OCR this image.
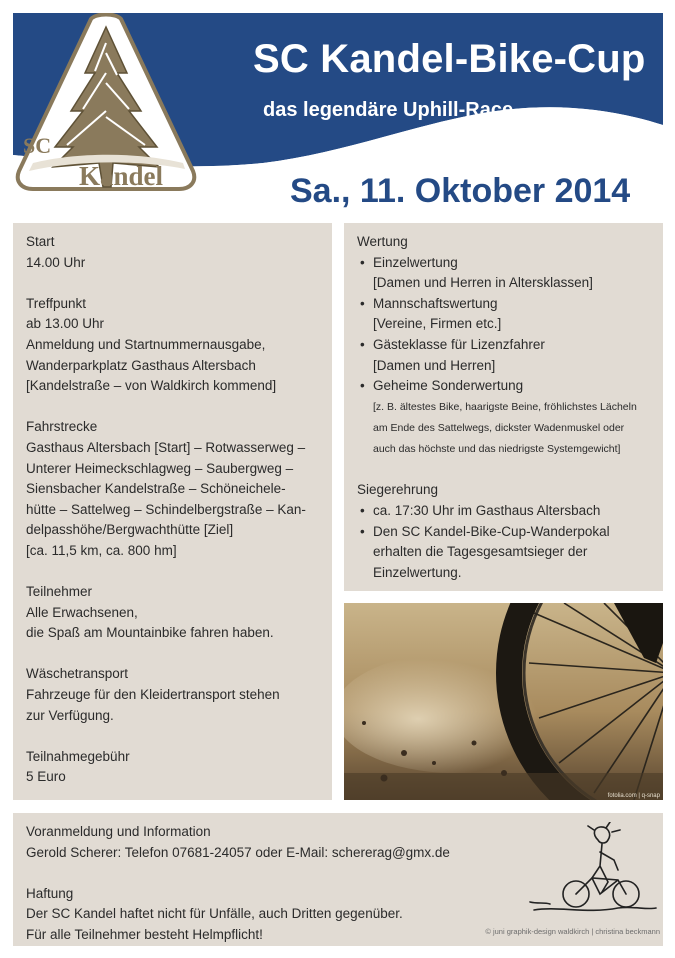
SC Kandel-Bike-Cup
das legendäre Uphill-Race
SC
Kandel	Sa., 11. Oktober 2014
Start
14.00 Uhr
Treffpunkt
ab 13.00 Uhr
Anmeldung und Startnummernausgabe,
Wanderparkplatz Gasthaus Altersbach
[Kandelstraße – von Waldkirch kommend]
Fahrstrecke
Gasthaus Altersbach [Start] – Rotwasserweg –
Unterer Heimeckschlagweg – Saubergweg –
Siensbacher Kandelstraße – Schöneichele-
hütte – Sattelweg – Schindelbergstraße – Kan-
delpasshöhe/Bergwachthütte [Ziel]
[ca. 11,5 km, ca. 800 hm]
Teilnehmer
Alle Erwachsenen,
die Spaß am Mountainbike fahren haben.
Wäschetransport
Fahrzeuge für den Kleidertransport stehen
zur Verfügung.
Teilnahmegebühr
5 Euro
Wertung
• Einzelwertung
[Damen und Herren in Altersklassen]
• Mannschaftswertung
[Vereine, Firmen etc.]
• Gästeklasse für Lizenzfahrer
[Damen und Herren]
• Geheime Sonderwertung
[z. B. ältestes Bike, haarigste Beine, fröhlichstes Lächeln
am Ende des Sattelwegs, dickster Wadenmuskel oder
auch das höchste und das niedrigste Systemgewicht]
Siegerehrung
• ca. 17:30 Uhr im Gasthaus Altersbach
• Den SC Kandel-Bike-Cup-Wanderpokal
erhalten die Tagesgesamtsieger der
Einzelwertung.
fotolia.com | q-snap
Voranmeldung und Information
Gerold Scherer: Telefon 07681-24057 oder E-Mail: schererag@gmx.de
Haftung
Der SC Kandel haftet nicht für Unfälle, auch Dritten gegenüber.
Für alle Teilnehmer besteht Helmpflicht!	© juni graphik-design waldkirch | christina beckmann
